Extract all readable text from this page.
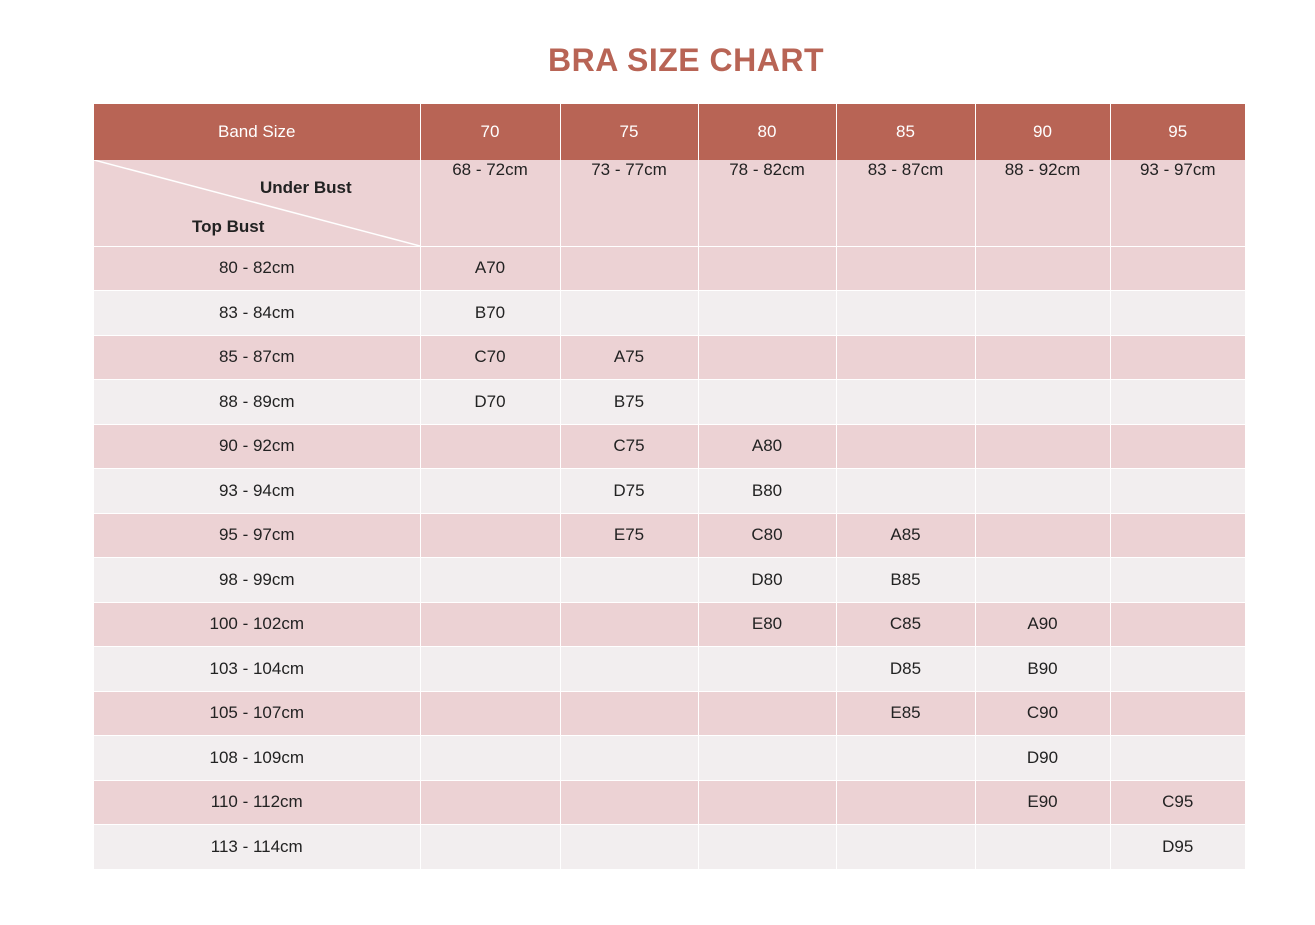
BRA SIZE CHART
Band Size	70	75	80	85	90	95

Under Bust
Top Bust	68 - 72cm	73 - 77cm	78 - 82cm	83 - 87cm	88 - 92cm	93 - 97cm
80 - 82cm	A70					
83 - 84cm	B70					
85 - 87cm	C70	A75				
88 - 89cm	D70	B75				
90 - 92cm		C75	A80			
93 - 94cm		D75	B80			
95 - 97cm		E75	C80	A85		
98 - 99cm			D80	B85		
100 - 102cm			E80	C85	A90	
103 - 104cm				D85	B90	
105 - 107cm				E85	C90	
108 - 109cm					D90	
110 - 112cm					E90	C95
113 - 114cm						D95
